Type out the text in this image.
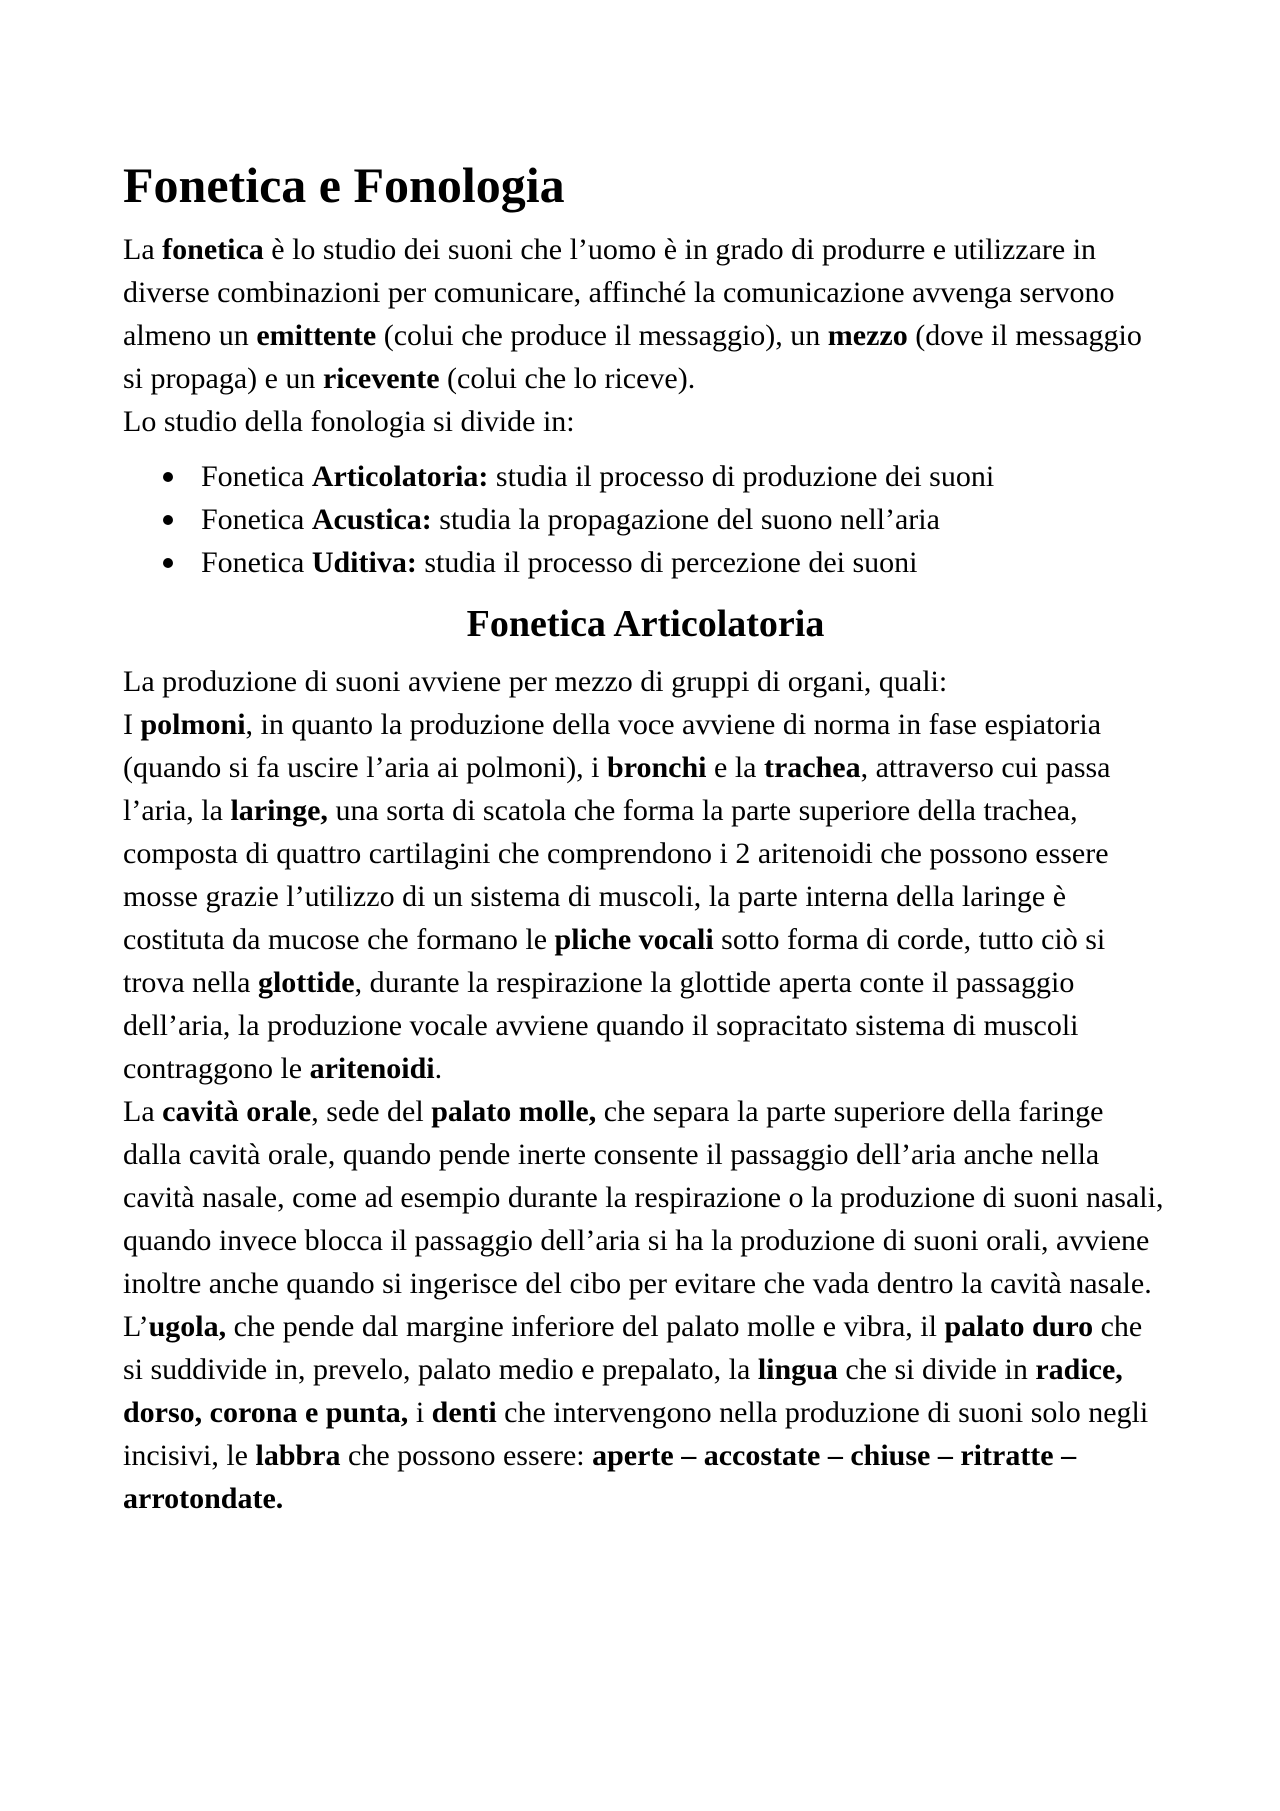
Fonetica e Fonologia

La fonetica è lo studio dei suoni che l’uomo è in grado di produrre e utilizzare in diverse combinazioni per comunicare, affinché la comunicazione avvenga servono almeno un emittente (colui che produce il messaggio), un mezzo (dove il messaggio si propaga) e un ricevente (colui che lo riceve).

Lo studio della fonologia si divide in:

Fonetica Articolatoria: studia il processo di produzione dei suoni
Fonetica Acustica: studia la propagazione del suono nell’aria
Fonetica Uditiva: studia il processo di percezione dei suoni
Fonetica Articolatoria

La produzione di suoni avviene per mezzo di gruppi di organi, quali:

I polmoni, in quanto la produzione della voce avviene di norma in fase espiatoria (quando si fa uscire l’aria ai polmoni), i bronchi e la trachea, attraverso cui passa l’aria, la laringe, una sorta di scatola che forma la parte superiore della trachea, composta di quattro cartilagini che comprendono i 2 aritenoidi che possono essere mosse grazie l’utilizzo di un sistema di muscoli, la parte interna della laringe è costituta da mucose che formano le pliche vocali sotto forma di corde, tutto ciò si trova nella glottide, durante la respirazione la glottide aperta conte il passaggio dell’aria, la produzione vocale avviene quando il sopracitato sistema di muscoli contraggono le aritenoidi.

La cavità orale, sede del palato molle, che separa la parte superiore della faringe dalla cavità orale, quando pende inerte consente il passaggio dell’aria anche nella cavità nasale, come ad esempio durante la respirazione o la produzione di suoni nasali, quando invece blocca il passaggio dell’aria si ha la produzione di suoni orali, avviene inoltre anche quando si ingerisce del cibo per evitare che vada dentro la cavità nasale.

L’ugola, che pende dal margine inferiore del palato molle e vibra, il palato duro che si suddivide in, prevelo, palato medio e prepalato, la lingua che si divide in radice, dorso, corona e punta, i denti che intervengono nella produzione di suoni solo negli incisivi, le labbra che possono essere: aperte – accostate – chiuse – ritratte – arrotondate.
